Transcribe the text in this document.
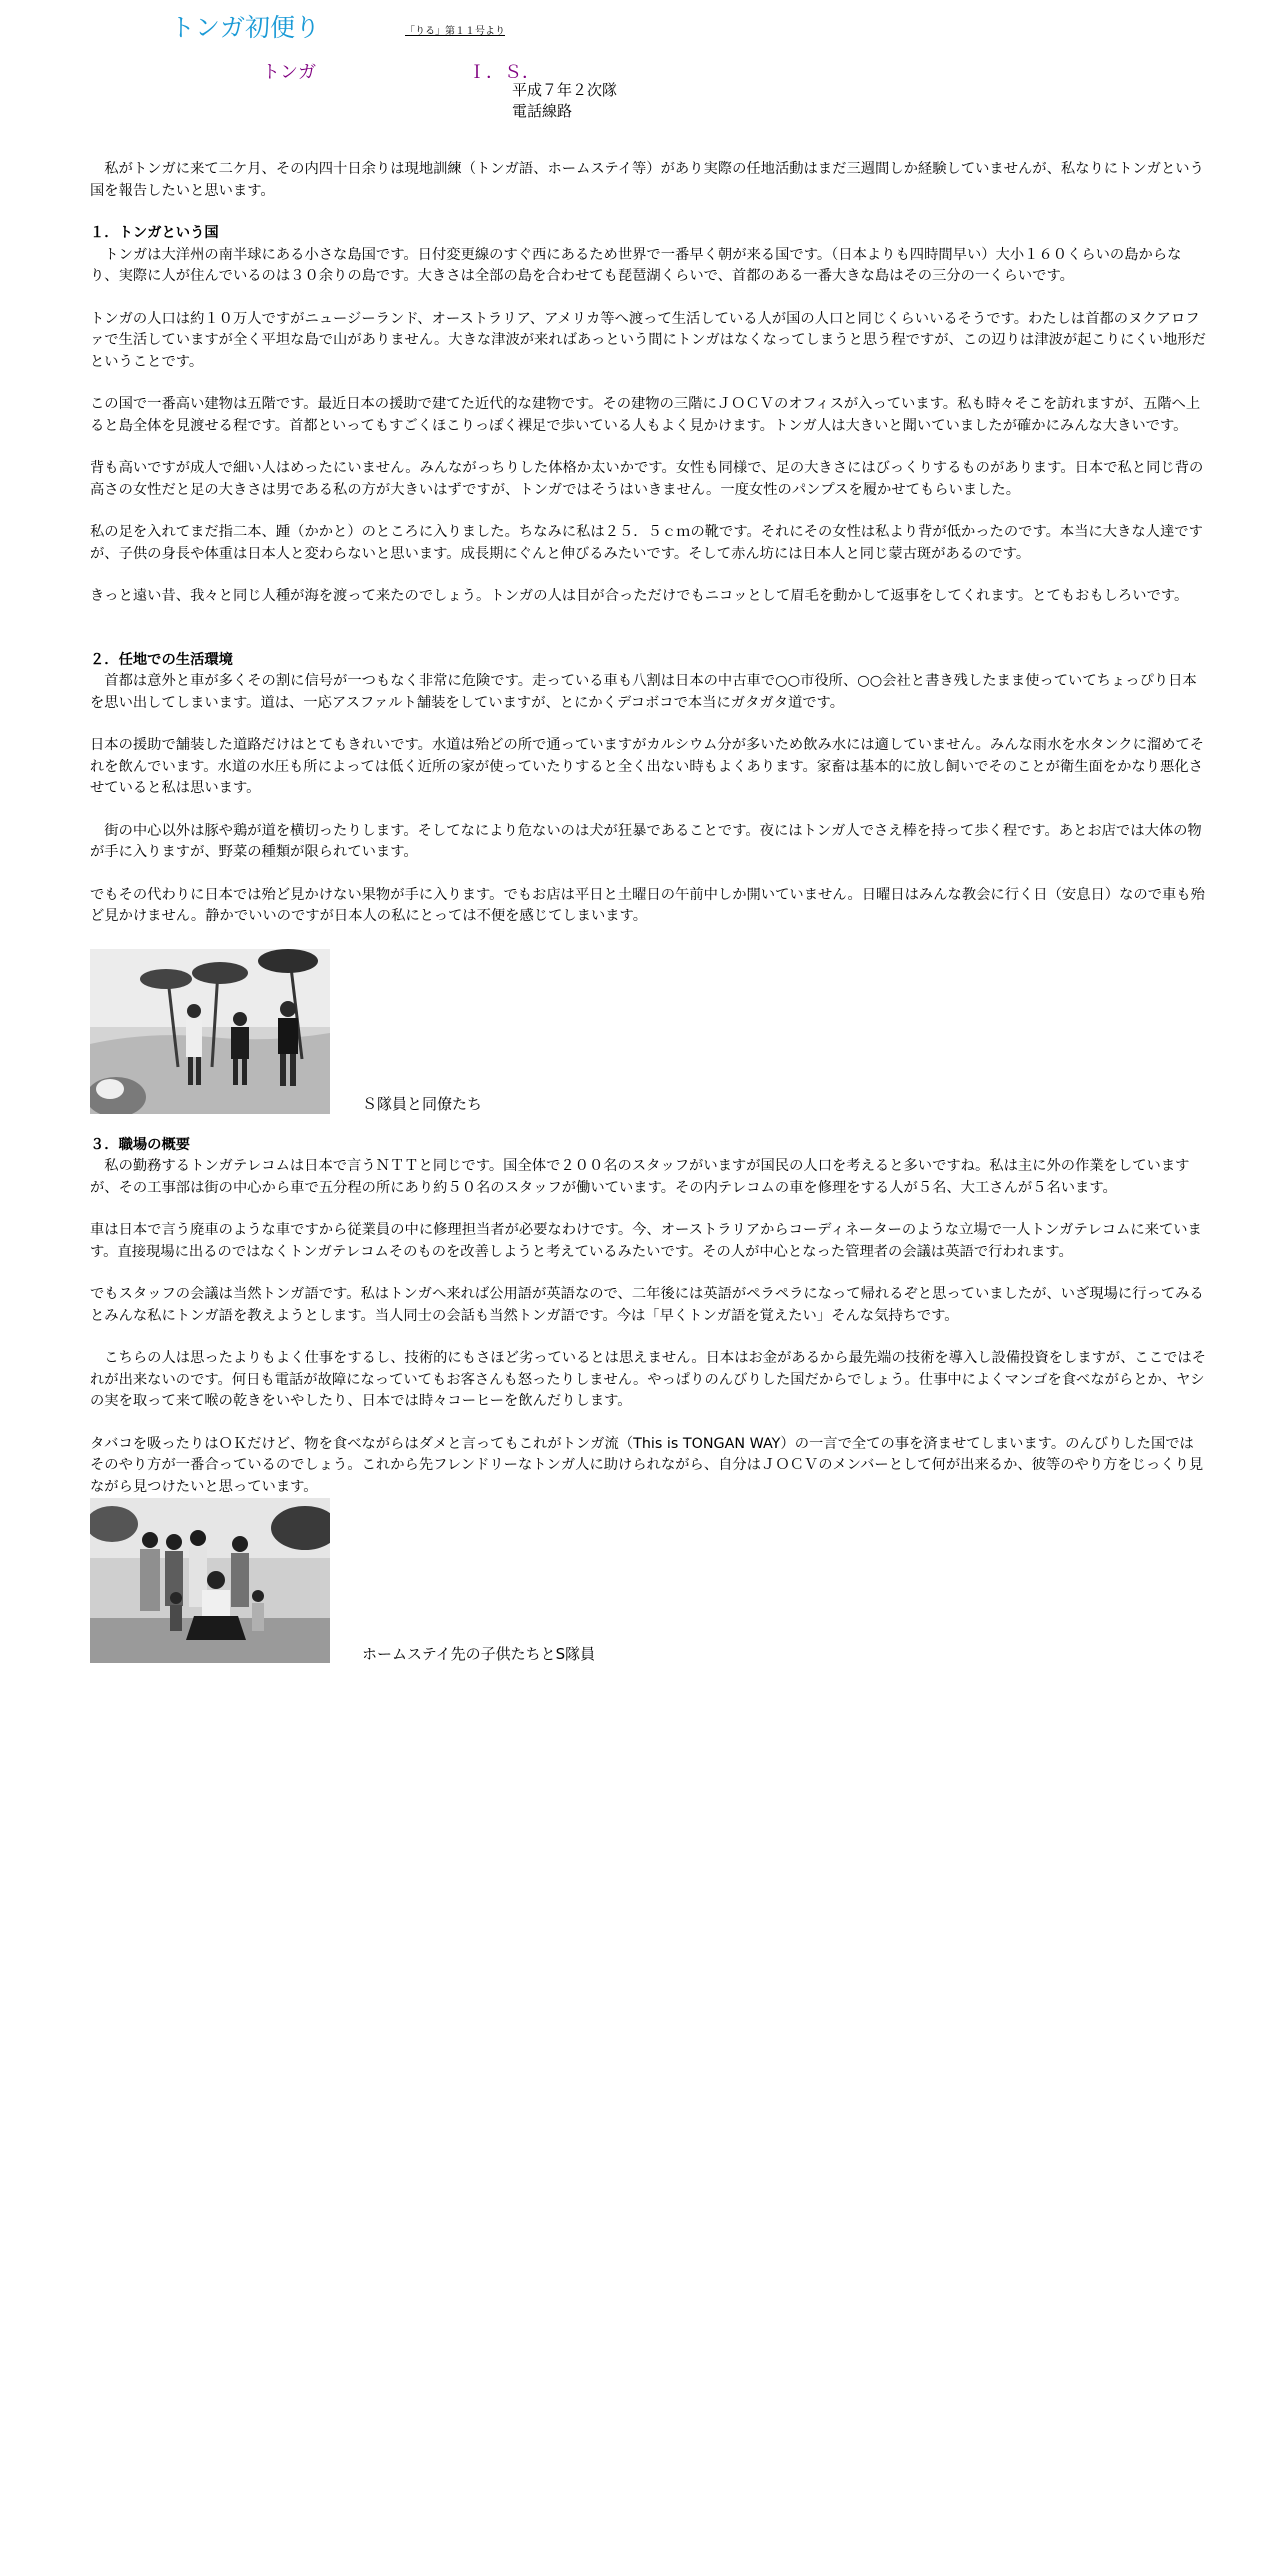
トンガ初便り	「りる」第１１号より
トンガ	Ｉ．Ｓ．
平成７年２次隊
電話線路

　私がトンガに来て二ケ月、その内四十日余りは現地訓練（トンガ語、ホームステイ等）があり実際の任地活動はまだ三週間しか経験していませんが、私なりにトンガという国を報告したいと思います。

１．トンガという国

　トンガは大洋州の南半球にある小さな島国です。日付変更線のすぐ西にあるため世界で一番早く朝が来る国です。（日本よりも四時間早い）大小１６０くらいの島からなり、実際に人が住んでいるのは３０余りの島です。大きさは全部の島を合わせても琵琶湖くらいで、首都のある一番大きな島はその三分の一くらいです。

トンガの人口は約１０万人ですがニュージーランド、オーストラリア、アメリカ等へ渡って生活している人が国の人口と同じくらいいるそうです。わたしは首都のヌクアロファで生活していますが全く平坦な島で山がありません。大きな津波が来ればあっという間にトンガはなくなってしまうと思う程ですが、この辺りは津波が起こりにくい地形だということです。

この国で一番高い建物は五階です。最近日本の援助で建てた近代的な建物です。その建物の三階にＪＯＣＶのオフィスが入っています。私も時々そこを訪れますが、五階へ上ると島全体を見渡せる程です。首都といってもすごくほこりっぽく裸足で歩いている人もよく見かけます。トンガ人は大きいと聞いていましたが確かにみんな大きいです。

背も高いですが成人で細い人はめったにいません。みんながっちりした体格か太いかです。女性も同様で、足の大きさにはびっくりするものがあります。日本で私と同じ背の高さの女性だと足の大きさは男である私の方が大きいはずですが、トンガではそうはいきません。一度女性のパンプスを履かせてもらいました。

私の足を入れてまだ指二本、踵（かかと）のところに入りました。ちなみに私は２５．５ｃｍの靴です。それにその女性は私より背が低かったのです。本当に大きな人達ですが、子供の身長や体重は日本人と変わらないと思います。成長期にぐんと伸びるみたいです。そして赤ん坊には日本人と同じ蒙古斑があるのです。

きっと遠い昔、我々と同じ人種が海を渡って来たのでしょう。トンガの人は目が合っただけでもニコッとして眉毛を動かして返事をしてくれます。とてもおもしろいです。

２．任地での生活環境

　首都は意外と車が多くその割に信号が一つもなく非常に危険です。走っている車も八割は日本の中古車で○○市役所、○○会社と書き残したまま使っていてちょっぴり日本を思い出してしまいます。道は、一応アスファルト舗装をしていますが、とにかくデコボコで本当にガタガタ道です。

日本の援助で舗装した道路だけはとてもきれいです。水道は殆どの所で通っていますがカルシウム分が多いため飲み水には適していません。みんな雨水を水タンクに溜めてそれを飲んでいます。水道の水圧も所によっては低く近所の家が使っていたりすると全く出ない時もよくあります。家畜は基本的に放し飼いでそのことが衛生面をかなり悪化させていると私は思います。

　街の中心以外は豚や鶏が道を横切ったりします。そしてなにより危ないのは犬が狂暴であることです。夜にはトンガ人でさえ棒を持って歩く程です。あとお店では大体の物が手に入りますが、野菜の種類が限られています。

でもその代わりに日本では殆ど見かけない果物が手に入ります。でもお店は平日と土曜日の午前中しか開いていません。日曜日はみんな教会に行く日（安息日）なので車も殆ど見かけません。静かでいいのですが日本人の私にとっては不便を感じてしまいます。

Ｓ隊員と同僚たち
３．職場の概要

　私の勤務するトンガテレコムは日本で言うＮＴＴと同じです。国全体で２００名のスタッフがいますが国民の人口を考えると多いですね。私は主に外の作業をしていますが、その工事部は街の中心から車で五分程の所にあり約５０名のスタッフが働いています。その内テレコムの車を修理をする人が５名、大工さんが５名います。

車は日本で言う廃車のような車ですから従業員の中に修理担当者が必要なわけです。今、オーストラリアからコーディネーターのような立場で一人トンガテレコムに来ています。直接現場に出るのではなくトンガテレコムそのものを改善しようと考えているみたいです。その人が中心となった管理者の会議は英語で行われます。

でもスタッフの会議は当然トンガ語です。私はトンガへ来れば公用語が英語なので、二年後には英語がペラペラになって帰れるぞと思っていましたが、いざ現場に行ってみるとみんな私にトンガ語を教えようとします。当人同士の会話も当然トンガ語です。今は「早くトンガ語を覚えたい」そんな気持ちです。

　こちらの人は思ったよりもよく仕事をするし、技術的にもさほど劣っているとは思えません。日本はお金があるから最先端の技術を導入し設備投資をしますが、ここではそれが出来ないのです。何日も電話が故障になっていてもお客さんも怒ったりしません。やっぱりのんびりした国だからでしょう。仕事中によくマンゴを食べながらとか、ヤシの実を取って来て喉の乾きをいやしたり、日本では時々コーヒーを飲んだりします。

タバコを吸ったりはＯＫだけど、物を食べながらはダメと言ってもこれがトンガ流（This is TONGAN WAY）の一言で全ての事を済ませてしまいます。のんびりした国ではそのやり方が一番合っているのでしょう。これから先フレンドリーなトンガ人に助けられながら、自分はＪＯＣＶのメンバーとして何が出来るか、彼等のやり方をじっくり見ながら見つけたいと思っています。

ホームステイ先の子供たちとS隊員
